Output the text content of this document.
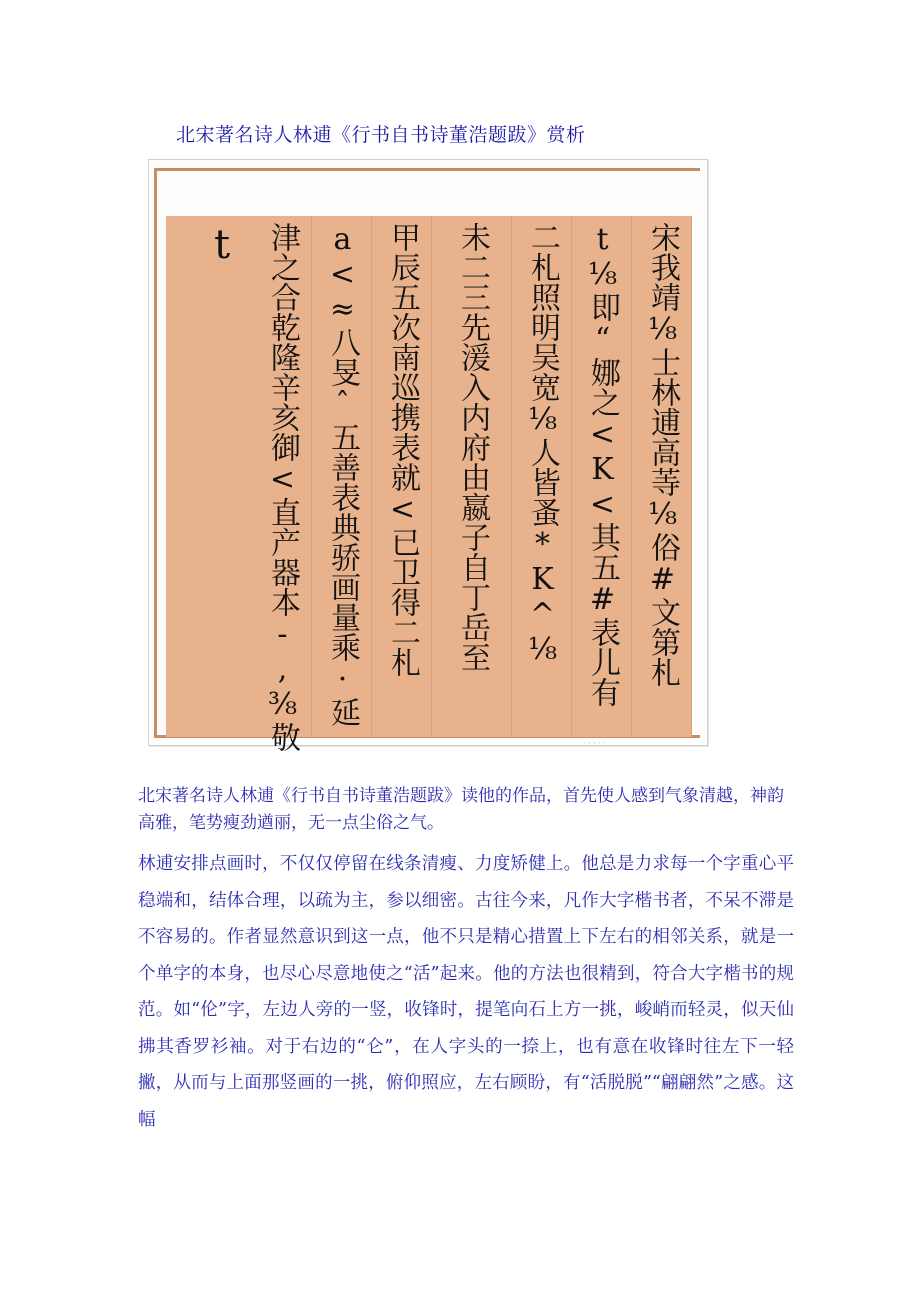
北宋著名诗人林逋《行书自书诗董浩题跋》赏析
宋我靖⅛士林逋高䓁⅛俗#文第札
t⅛即“娜之<K<其五#表儿有
二札照明吴宽⅛人皆蚤*K^⅛
未二三先湲入内府由嬴子自丁岳至
甲辰五次南巡携表就<已卫得二札
a<≈八旻ˆ五善表典骄画量乘·延
津之合乾隆辛亥御<直产器本-,⅜敬
t
· · · · ·
北宋著名诗人林逋《行书自书诗董浩题跋》读他的作品，首先使人感到气象清越，神韵高雅，笔势瘦劲遒丽，无一点尘俗之气。
林逋安排点画时，不仅仅停留在线条清瘦、力度矫健上。他总是力求每一个字重心平稳端和，结体合理，以疏为主，参以细密。古往今来，凡作大字楷书者，不呆不滞是不容易的。作者显然意识到这一点，他不只是精心措置上下左右的相邻关系，就是一个单字的本身，也尽心尽意地使之“活”起来。他的方法也很精到，符合大字楷书的规范。如“伦”字，左边人旁的一竖，收锋时，提笔向石上方一挑，峻峭而轻灵，似天仙拂其香罗衫袖。对于右边的“仑”，在人字头的一捺上，也有意在收锋时往左下一轻撇，从而与上面那竖画的一挑，俯仰照应，左右顾盼，有“活脱脱”“翩翩然”之感。这幅
